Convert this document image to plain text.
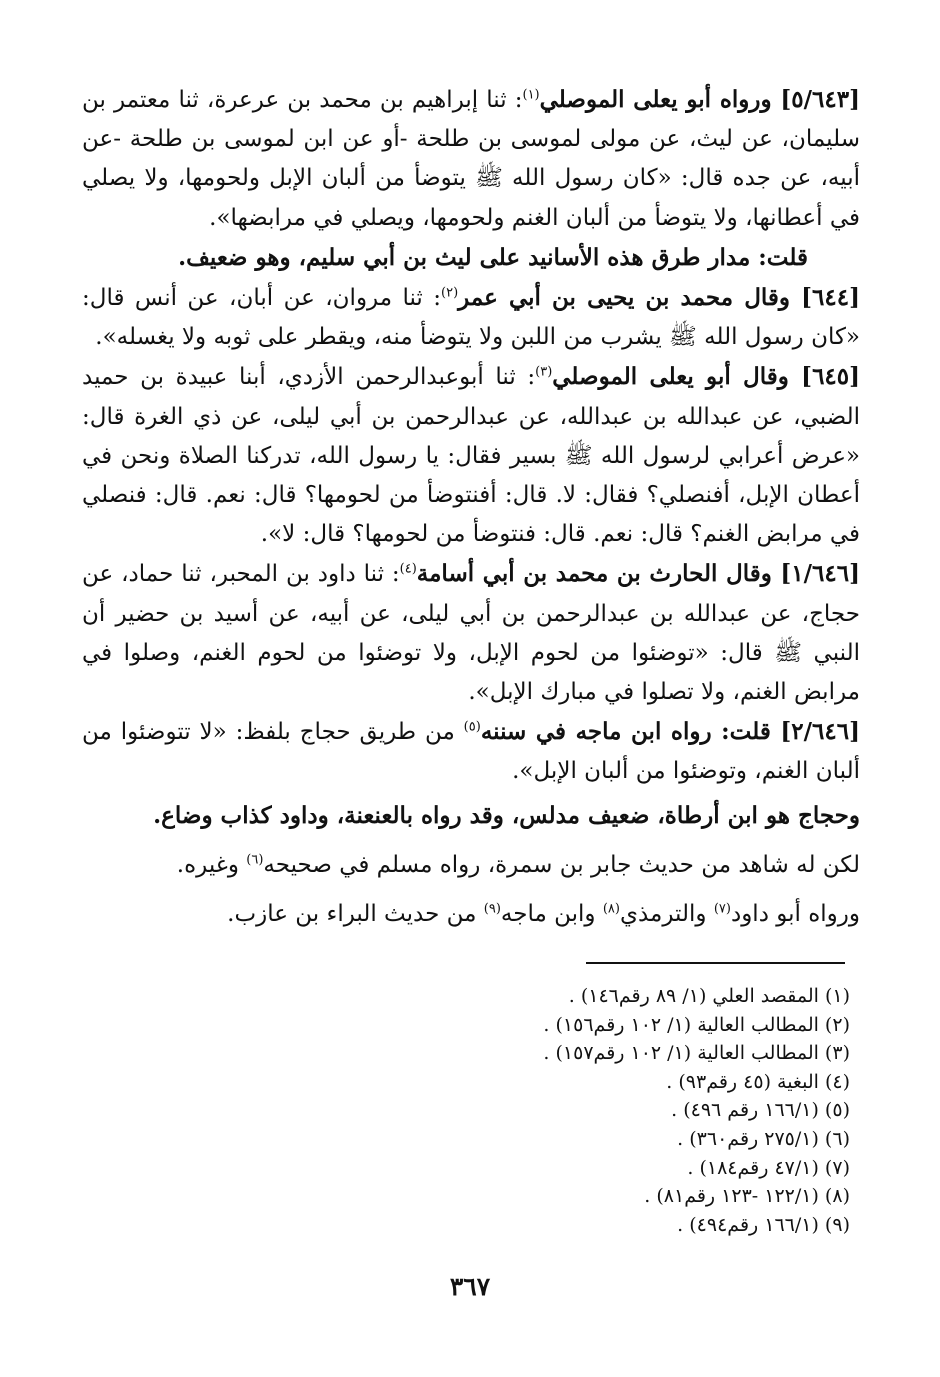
[٥/٦٤٣] ورواه أبو يعلى الموصلي$^{(١)}$: ثنا إبراهيم بن محمد بن عرعرة، ثنا معتمر بن سليمان، عن ليث، عن مولى لموسى بن طلحة -أو عن ابن لموسى بن طلحة -عن أبيه، عن جده قال: «كان رسول الله ﷺ يتوضأ من ألبان الإبل ولحومها، ولا يصلي في أعطانها، ولا يتوضأ من ألبان الغنم ولحومها، ويصلي في مرابضها».

قلت: مدار طرق هذه الأسانيد على ليث بن أبي سليم، وهو ضعيف.

[٦٤٤] وقال محمد بن يحيى بن أبي عمر$^{(٢)}$: ثنا مروان، عن أبان، عن أنس قال: «كان رسول الله ﷺ يشرب من اللبن ولا يتوضأ منه، ويقطر على ثوبه ولا يغسله».

[٦٤٥] وقال أبو يعلى الموصلي$^{(٣)}$: ثنا أبوعبدالرحمن الأزدي، أبنا عبيدة بن حميد الضبي، عن عبدالله بن عبدالله، عن عبدالرحمن بن أبي ليلى، عن ذي الغرة قال: «عرض أعرابي لرسول الله ﷺ بسير فقال: يا رسول الله، تدركنا الصلاة ونحن في أعطان الإبل، أفنصلي؟ فقال: لا. قال: أفنتوضأ من لحومها؟ قال: نعم. قال: فنصلي في مرابض الغنم؟ قال: نعم. قال: فنتوضأ من لحومها؟ قال: لا».

[١/٦٤٦] وقال الحارث بن محمد بن أبي أسامة$^{(٤)}$: ثنا داود بن المحبر، ثنا حماد، عن حجاج، عن عبدالله بن عبدالرحمن بن أبي ليلى، عن أبيه، عن أسيد بن حضير أن النبي ﷺ قال: «توضئوا من لحوم الإبل، ولا توضئوا من لحوم الغنم، وصلوا في مرابض الغنم، ولا تصلوا في مبارك الإبل».

[٢/٦٤٦] قلت: رواه ابن ماجه في سننه$^{(٥)}$ من طريق حجاج بلفظ: «لا تتوضئوا من ألبان الغنم، وتوضئوا من ألبان الإبل».

وحجاج هو ابن أرطاة، ضعيف مدلس، وقد رواه بالعنعنة، وداود كذاب وضاع.

لكن له شاهد من حديث جابر بن سمرة، رواه مسلم في صحيحه$^{(٦)}$ وغيره.

ورواه أبو داود$^{(٧)}$ والترمذي$^{(٨)}$ وابن ماجه$^{(٩)}$ من حديث البراء بن عازب.

(١) المقصد العلي (١/ ٨٩ رقم١٤٦) .

(٢) المطالب العالية (١/ ١٠٢ رقم١٥٦) .

(٣) المطالب العالية (١/ ١٠٢ رقم١٥٧) .

(٤) البغية (٤٥ رقم٩٣) .

(٥) (١٦٦/١ رقم ٤٩٦) .

(٦) (٢٧٥/١ رقم٣٦٠) .

(٧) (٤٧/١ رقم١٨٤) .

(٨) (١٢٢/١ -١٢٣ رقم٨١) .

(٩) (١٦٦/١ رقم٤٩٤) .

٣٦٧
